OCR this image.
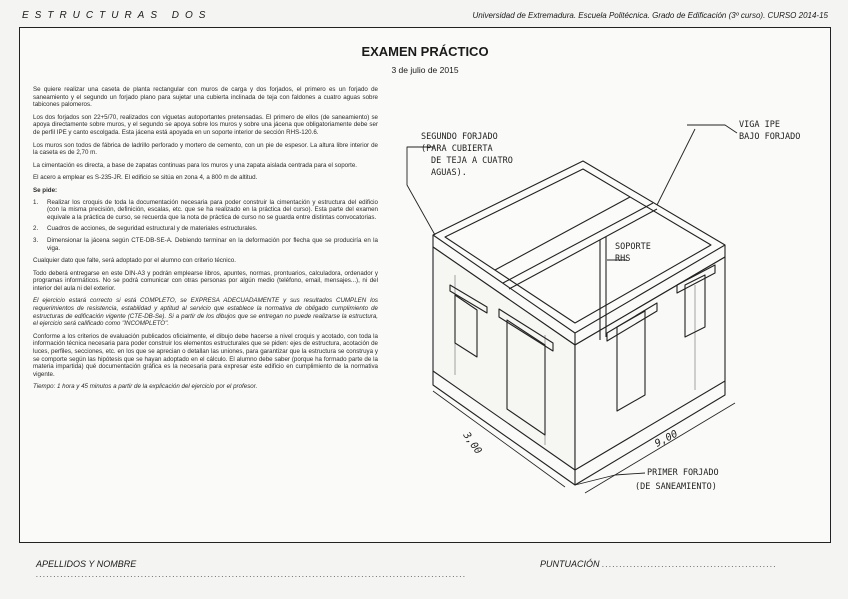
ESTRUCTURAS DOS	Universidad de Extremadura. Escuela Politécnica. Grado de Edificación (3º curso). CURSO 2014-15
EXAMEN PRÁCTICO
3 de julio de 2015

Se quiere realizar una caseta de planta rectangular con muros de carga y dos forjados, el primero es un forjado de saneamiento y el segundo un forjado plano para sujetar una cubierta inclinada de teja con faldones a cuatro aguas sobre tabicones palomeros.

Los dos forjados son 22+5/70, realizados con viguetas autoportantes pretensadas. El primero de ellos (de saneamiento) se apoya directamente sobre muros, y el segundo se apoya sobre los muros y sobre una jácena que obligatoriamente debe ser de perfil IPE y canto escolgada. Esta jácena está apoyada en un soporte interior de sección RHS-120.6.

Los muros son todos de fábrica de ladrillo perforado y mortero de cemento, con un pie de espesor. La altura libre interior de la caseta es de 2,70 m.

La cimentación es directa, a base de zapatas continuas para los muros y una zapata aislada centrada para el soporte.

El acero a emplear es S-235-JR. El edificio se sitúa en zona 4, a 800 m de altitud.

Se pide:
1.	Realizar los croquis de toda la documentación necesaria para poder construir la cimentación y estructura del edificio (con la misma precisión, definición, escalas, etc. que se ha realizado en la práctica del curso). Esta parte del examen equivale a la práctica de curso, se recuerda que la nota de práctica de curso no se guarda entre distintas convocatorias.
2.	Cuadros de acciones, de seguridad estructural y de materiales estructurales.
3.	Dimensionar la jácena según CTE-DB-SE-A. Debiendo terminar en la deformación por flecha que se produciría en la viga.

Cualquier dato que falte, será adoptado por el alumno con criterio técnico.

Todo deberá entregarse en este DIN-A3 y podrán emplearse libros, apuntes, normas, prontuarios, calculadora, ordenador y programas informáticos. No se podrá comunicar con otras personas por algún medio (teléfono, email, mensajes...), ni del interior del aula ni del exterior.

El ejercicio estará correcto si está COMPLETO, se EXPRESA ADECUADAMENTE y sus resultados CUMPLEN los requerimientos de resistencia, estabilidad y aptitud al servicio que establece la normativa de obligado cumplimiento de estructuras de edificación vigente (CTE-DB-Se). Si a partir de los dibujos que se entregan no puede realizarse la estructura, el ejercicio será calificado como "INCOMPLETO".

Conforme a los criterios de evaluación publicados oficialmente, el dibujo debe hacerse a nivel croquis y acotado, con toda la información técnica necesaria para poder construir los elementos estructurales que se piden: ejes de estructura, acotación de luces, perfiles, secciones, etc. en los que se aprecian o detallan las uniones, para garantizar que la estructura se construya y se comporte según las hipótesis que se hayan adoptado en el cálculo. El alumno debe saber (porque ha formado parte de la materia impartida) qué documentación gráfica es la necesaria para expresar este edificio en cumplimiento de la normativa vigente.

Tiempo: 1 hora y 45 minutos a partir de la explicación del ejercicio por el profesor.

SEGUNDO FORJADO
(PARA CUBIERTA
DE TEJA A CUATRO
AGUAS).
VIGA IPE
BAJO FORJADO
SOPORTE
RHS
PRIMER FORJADO
(DE SANEAMIENTO)
3,00	9,00
APELLIDOS Y NOMBRE ...........................................................................................................................
PUNTUACIÓN ..................................................
